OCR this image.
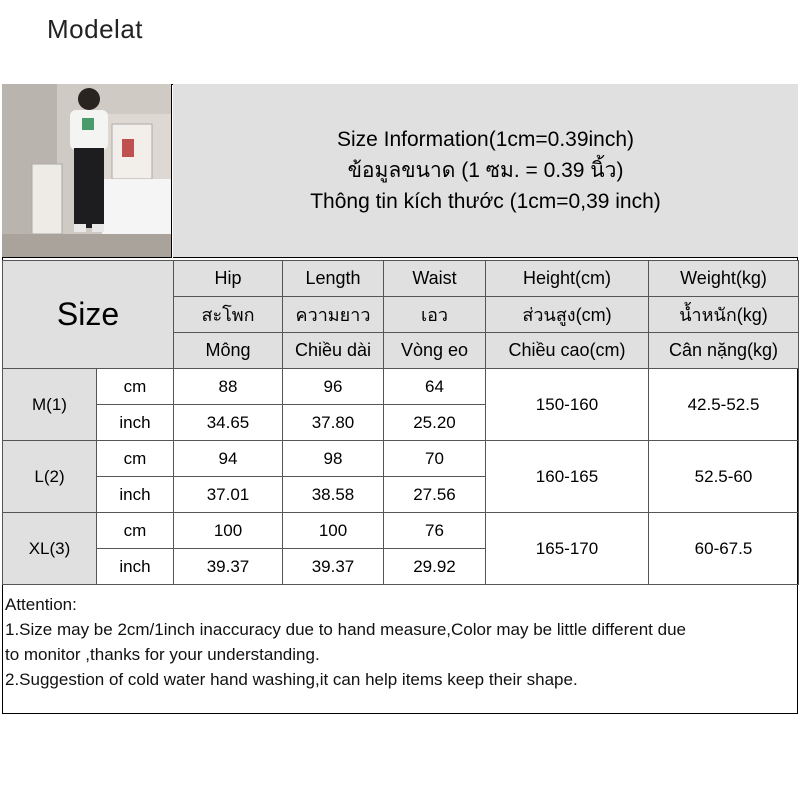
Modelat
Size Information(1cm=0.39inch)
ข้อมูลขนาด (1 ซม. = 0.39 นิ้ว)
Thông tin kích thước (1cm=0,39 inch)
Size		Hip	Length	Waist	Height(cm)	Weight(kg)
		สะโพก	ความยาว	เอว	ส่วนสูง(cm)	น้ำหนัก(kg)
		Mông	Chiều dài	Vòng eo	Chiều cao(cm)	Cân nặng(kg)
M(1)	cm	88	96	64	150-160	42.5-52.5
	inch	34.65	37.80	25.20		
L(2)	cm	94	98	70	160-165	52.5-60
	inch	37.01	38.58	27.56		
XL(3)	cm	100	100	76	165-170	60-67.5
	inch	39.37	39.37	29.92		
Attention:
1.Size may be 2cm/1inch inaccuracy due to hand measure,Color may be little different due
to monitor ,thanks for your understanding.
2.Suggestion of cold water hand washing,it can help items keep their shape.
